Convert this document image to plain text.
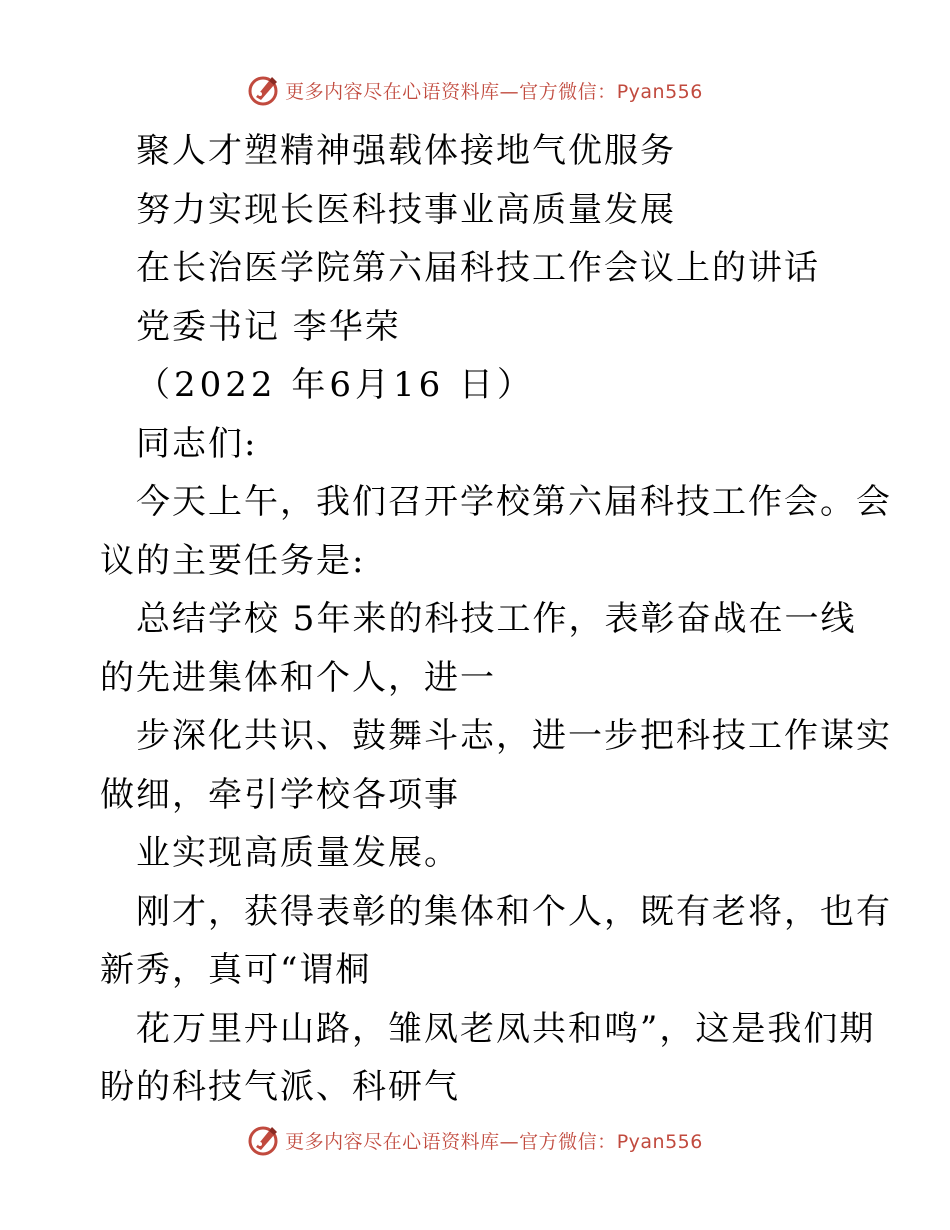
更多内容尽在心语资料库—官方微信：Pyan556
聚人才塑精神强载体接地气优服务
努力实现长医科技事业高质量发展
在长治医学院第六届科技工作会议上的讲话
党委书记 李华荣
（2022 年6月16 日）
同志们:
今天上午，我们召开学校第六届科技工作会。会
议的主要任务是:
总结学校 5年来的科技工作，表彰奋战在一线
的先进集体和个人，进一
步深化共识、鼓舞斗志，进一步把科技工作谋实
做细，牵引学校各项事
业实现高质量发展。
刚才，获得表彰的集体和个人，既有老将，也有
新秀，真可“谓桐
花万里丹山路，雏凤老凤共和鸣”，这是我们期
盼的科技气派、科研气
更多内容尽在心语资料库—官方微信：Pyan556
